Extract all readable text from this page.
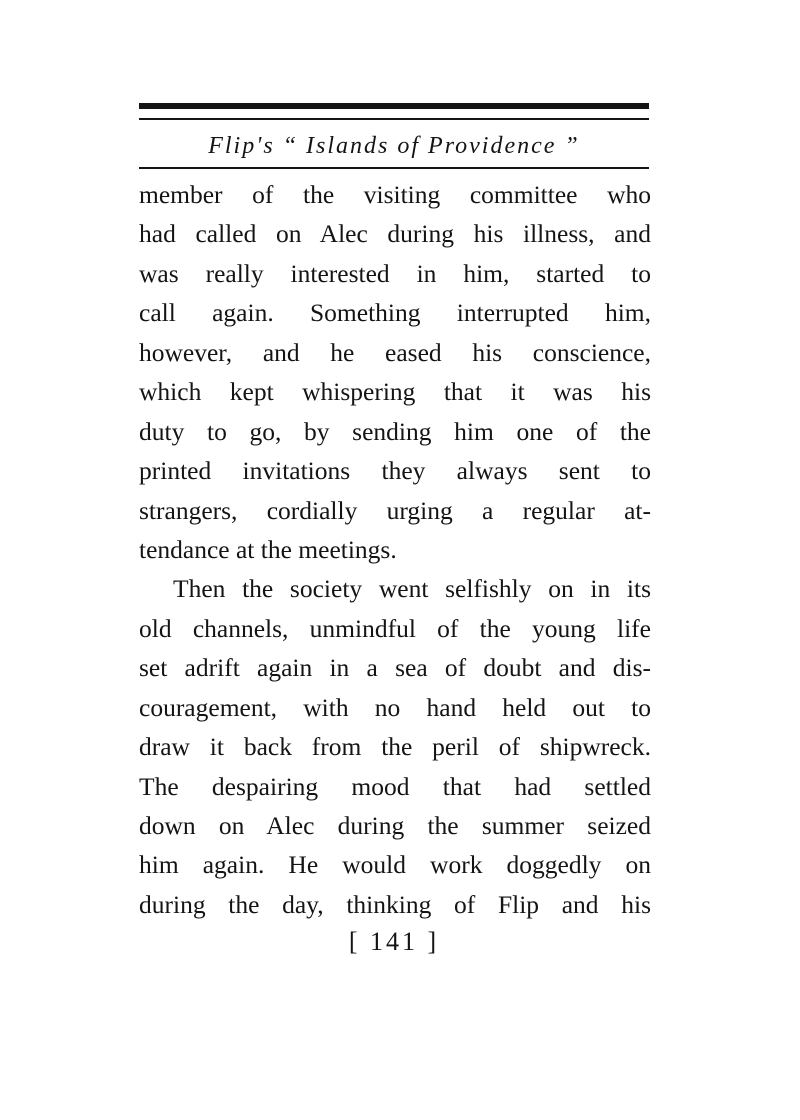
Flip's “ Islands of Providence ”
member of the visiting committee who
had called on Alec during his illness, and
was really interested in him, started to
call again. Something interrupted him,
however, and he eased his conscience,
which kept whispering that it was his
duty to go, by sending him one of the
printed invitations they always sent to
strangers, cordially urging a regular at-
tendance at the meetings.
Then the society went selfishly on in its
old channels, unmindful of the young life
set adrift again in a sea of doubt and dis-
couragement, with no hand held out to
draw it back from the peril of shipwreck.
The despairing mood that had settled
down on Alec during the summer seized
him again. He would work doggedly on
during the day, thinking of Flip and his
[ 141 ]
